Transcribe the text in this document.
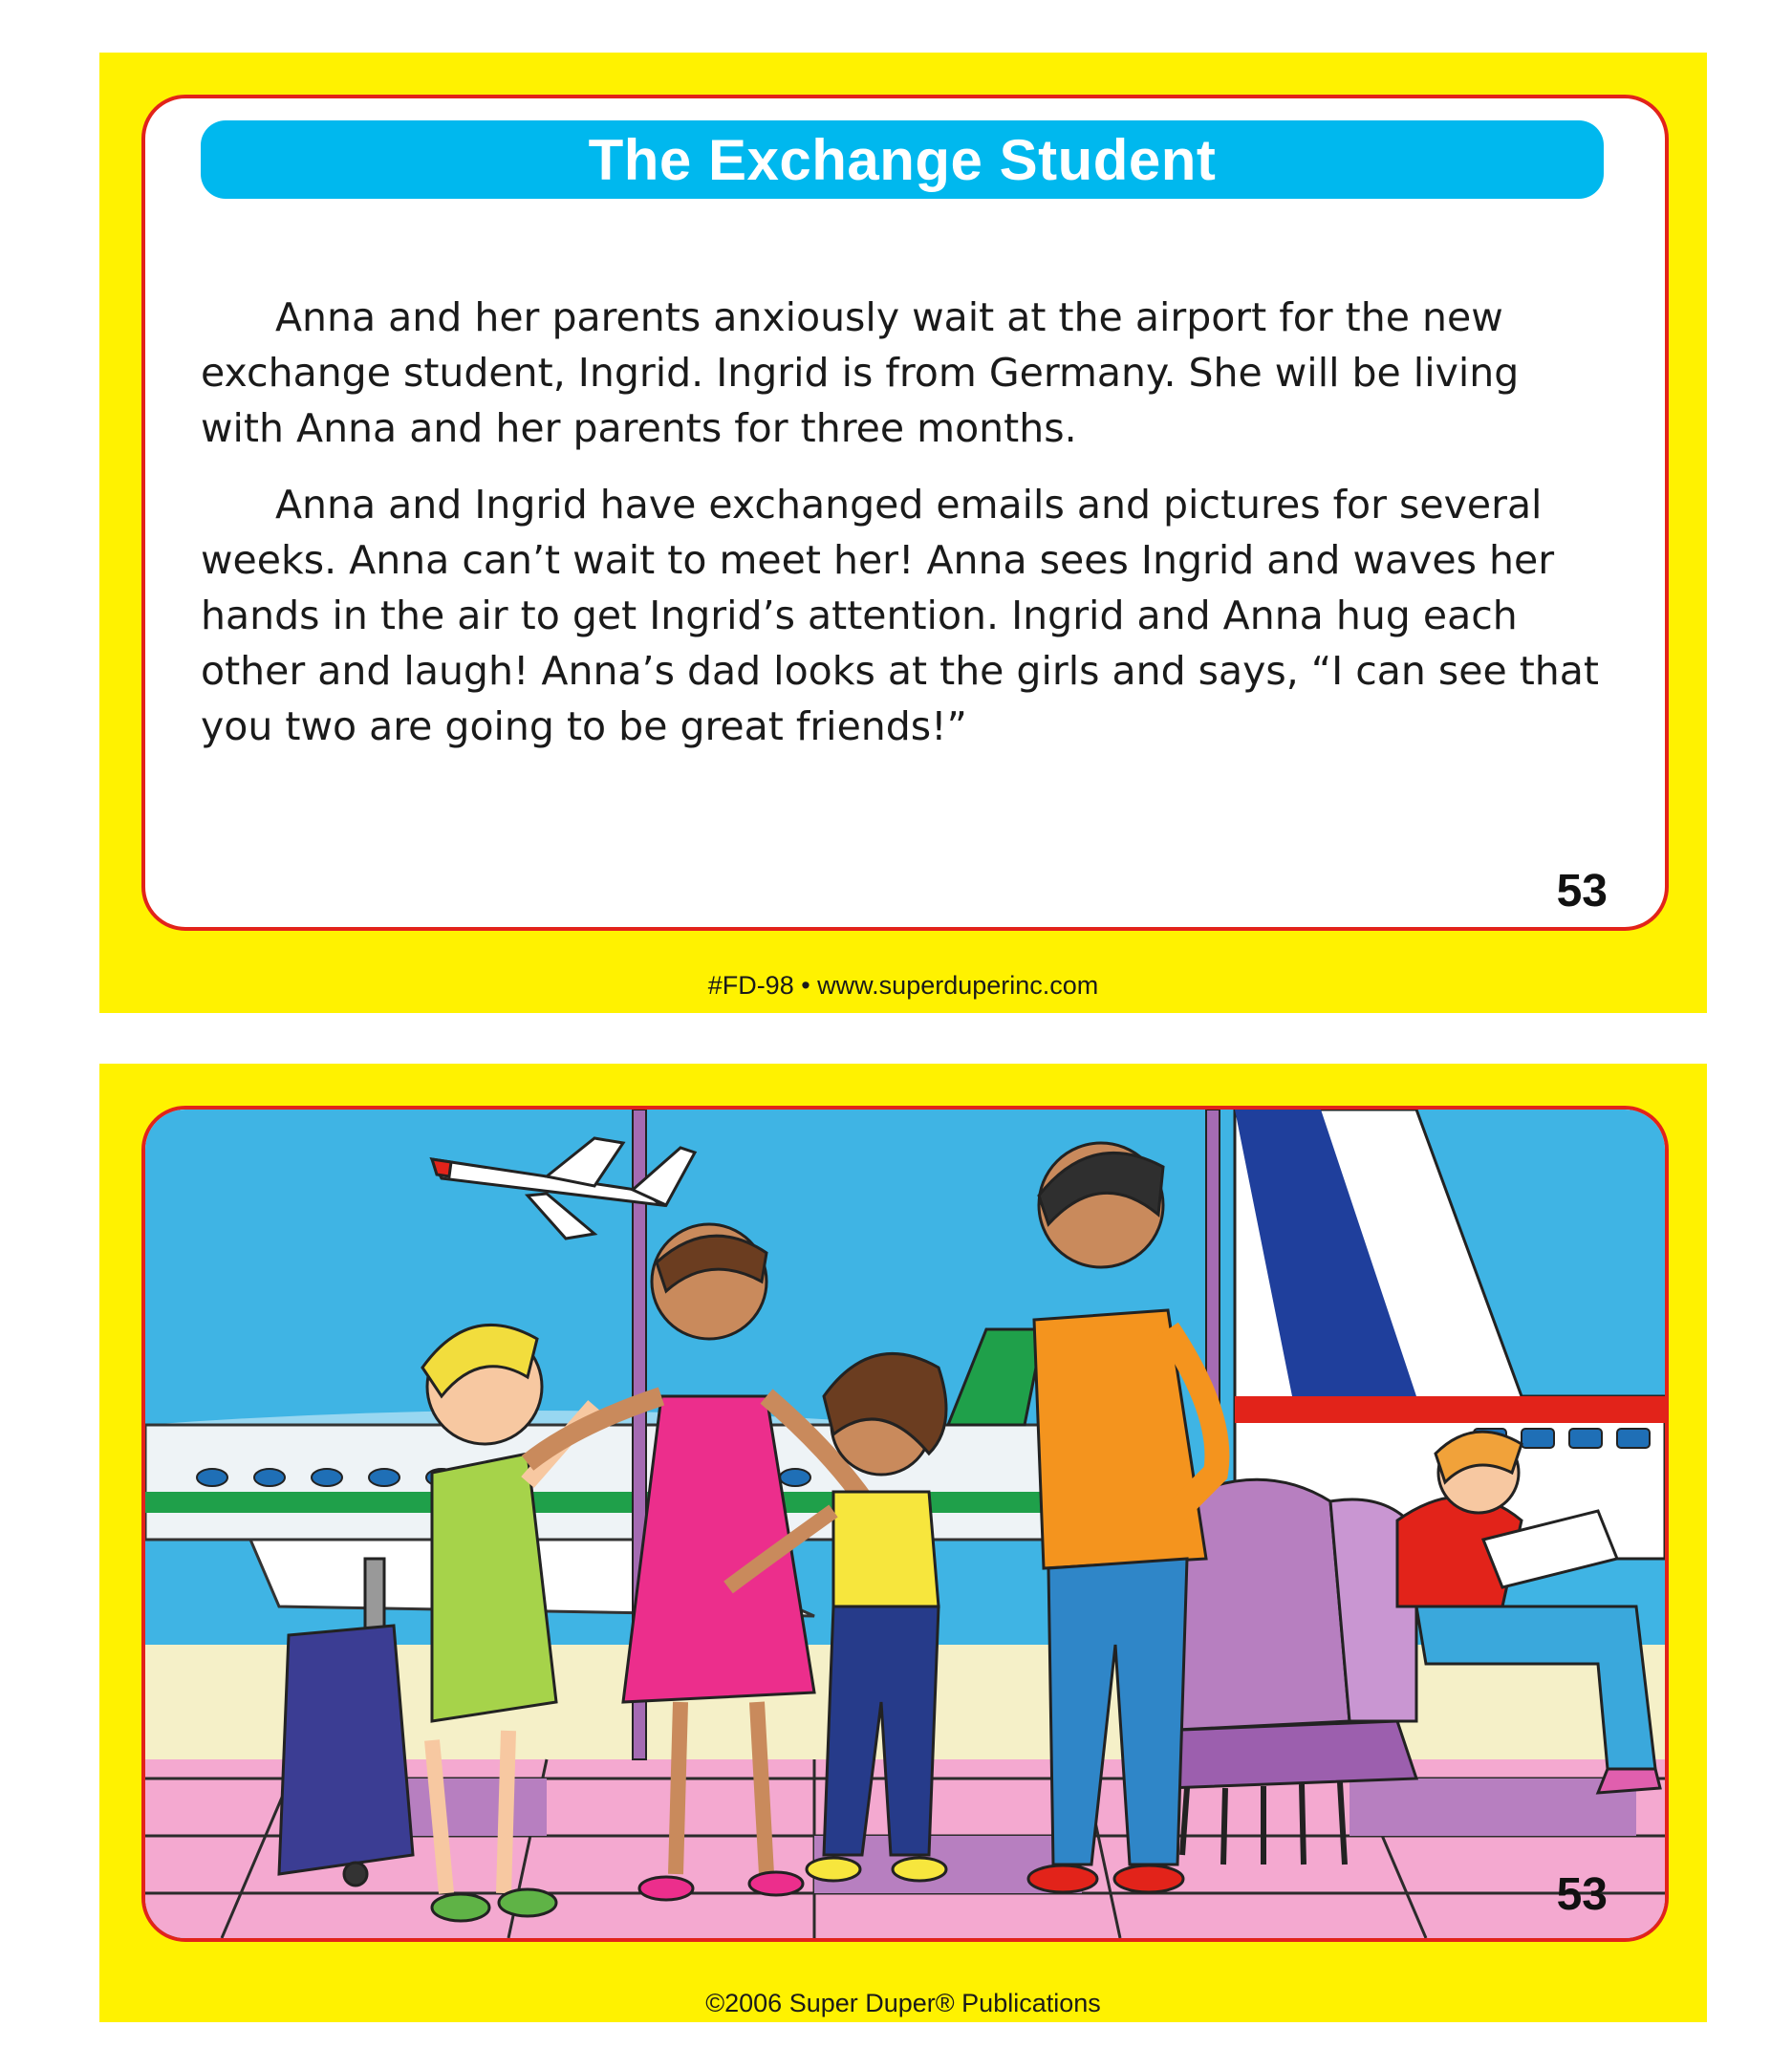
The Exchange Student

Anna and her parents anxiously wait at the airport for the new exchange student, Ingrid. Ingrid is from Germany. She will be living with Anna and her parents for three months.

Anna and Ingrid have exchanged emails and pictures for several weeks. Anna can’t wait to meet her! Anna sees Ingrid and waves her hands in the air to get Ingrid’s attention. Ingrid and Anna hug each other and laugh! Anna’s dad looks at the girls and says, “I can see that you two are going to be great friends!”

53
#FD-98 • www.superduperinc.com
53
©2006 Super Duper® Publications
